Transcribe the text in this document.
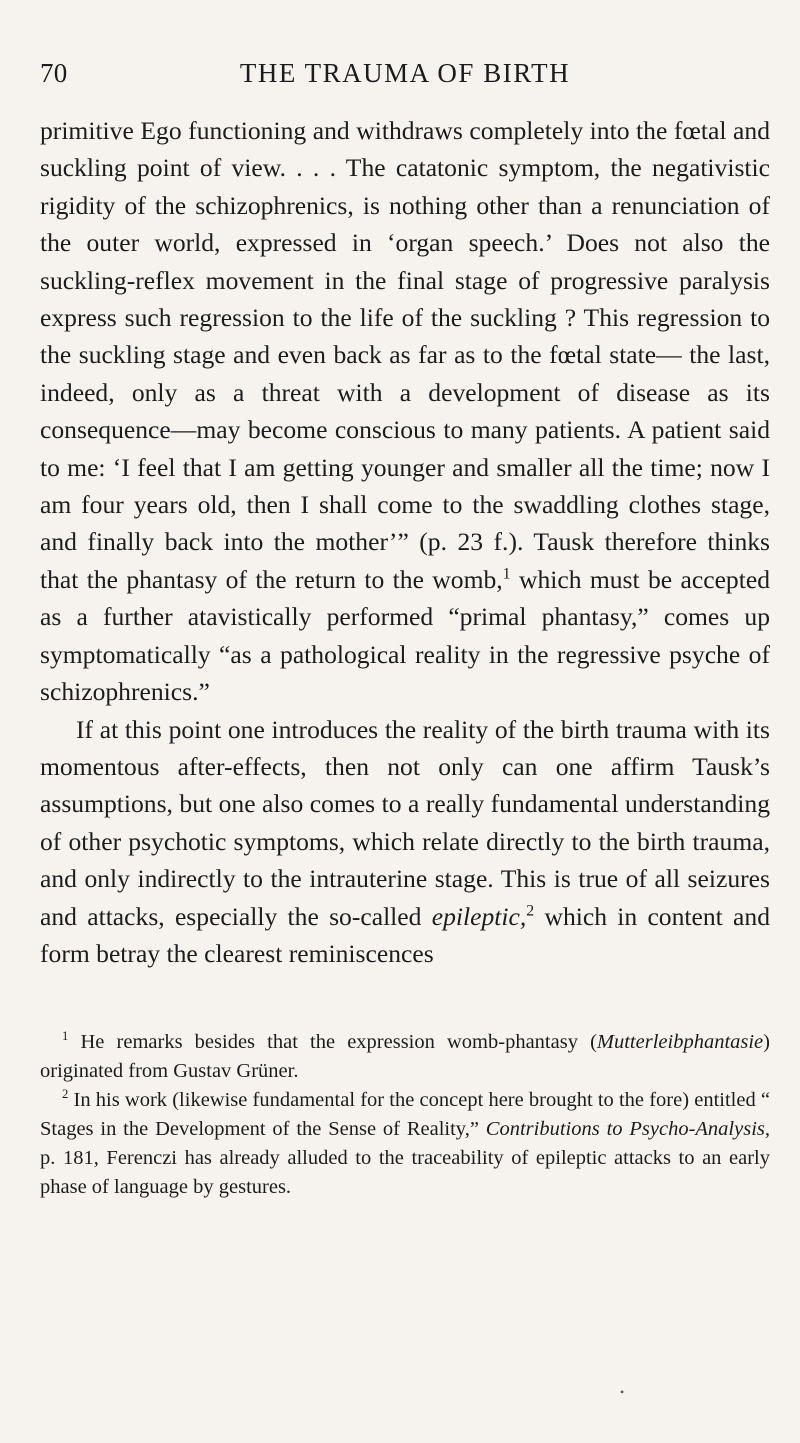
70	THE TRAUMA OF BIRTH

primitive Ego functioning and withdraws completely into the fœtal and suckling point of view. . . . The catatonic symptom, the negativistic rigidity of the schizophrenics, is nothing other than a renunciation of the outer world, expressed in ‘organ speech.’ Does not also the suckling-reflex movement in the final stage of progressive paralysis express such regression to the life of the suckling ? This regression to the suckling stage and even back as far as to the fœtal state— the last, indeed, only as a threat with a development of disease as its consequence—may become conscious to many patients. A patient said to me: ‘I feel that I am getting younger and smaller all the time; now I am four years old, then I shall come to the swaddling clothes stage, and finally back into the mother’” (p. 23 f.). Tausk therefore thinks that the phantasy of the return to the womb,$^1$ which must be accepted as a further atavistically performed “primal phantasy,” comes up symptomatically “as a pathological reality in the regressive psyche of schizophrenics.”

If at this point one introduces the reality of the birth trauma with its momentous after-effects, then not only can one affirm Tausk’s assumptions, but one also comes to a really fundamental understanding of other psychotic symptoms, which relate directly to the birth trauma, and only indirectly to the intrauterine stage. This is true of all seizures and attacks, especially the so-called epileptic,$^2$ which in content and form betray the clearest reminiscences

$^1$ He remarks besides that the expression womb-phantasy (Mutterleibphantasie) originated from Gustav Grüner.

$^2$ In his work (likewise fundamental for the concept here brought to the fore) entitled “ Stages in the Development of the Sense of Reality,” Contributions to Psycho-Analysis, p. 181, Ferenczi has already alluded to the traceability of epileptic attacks to an early phase of language by gestures.

•
